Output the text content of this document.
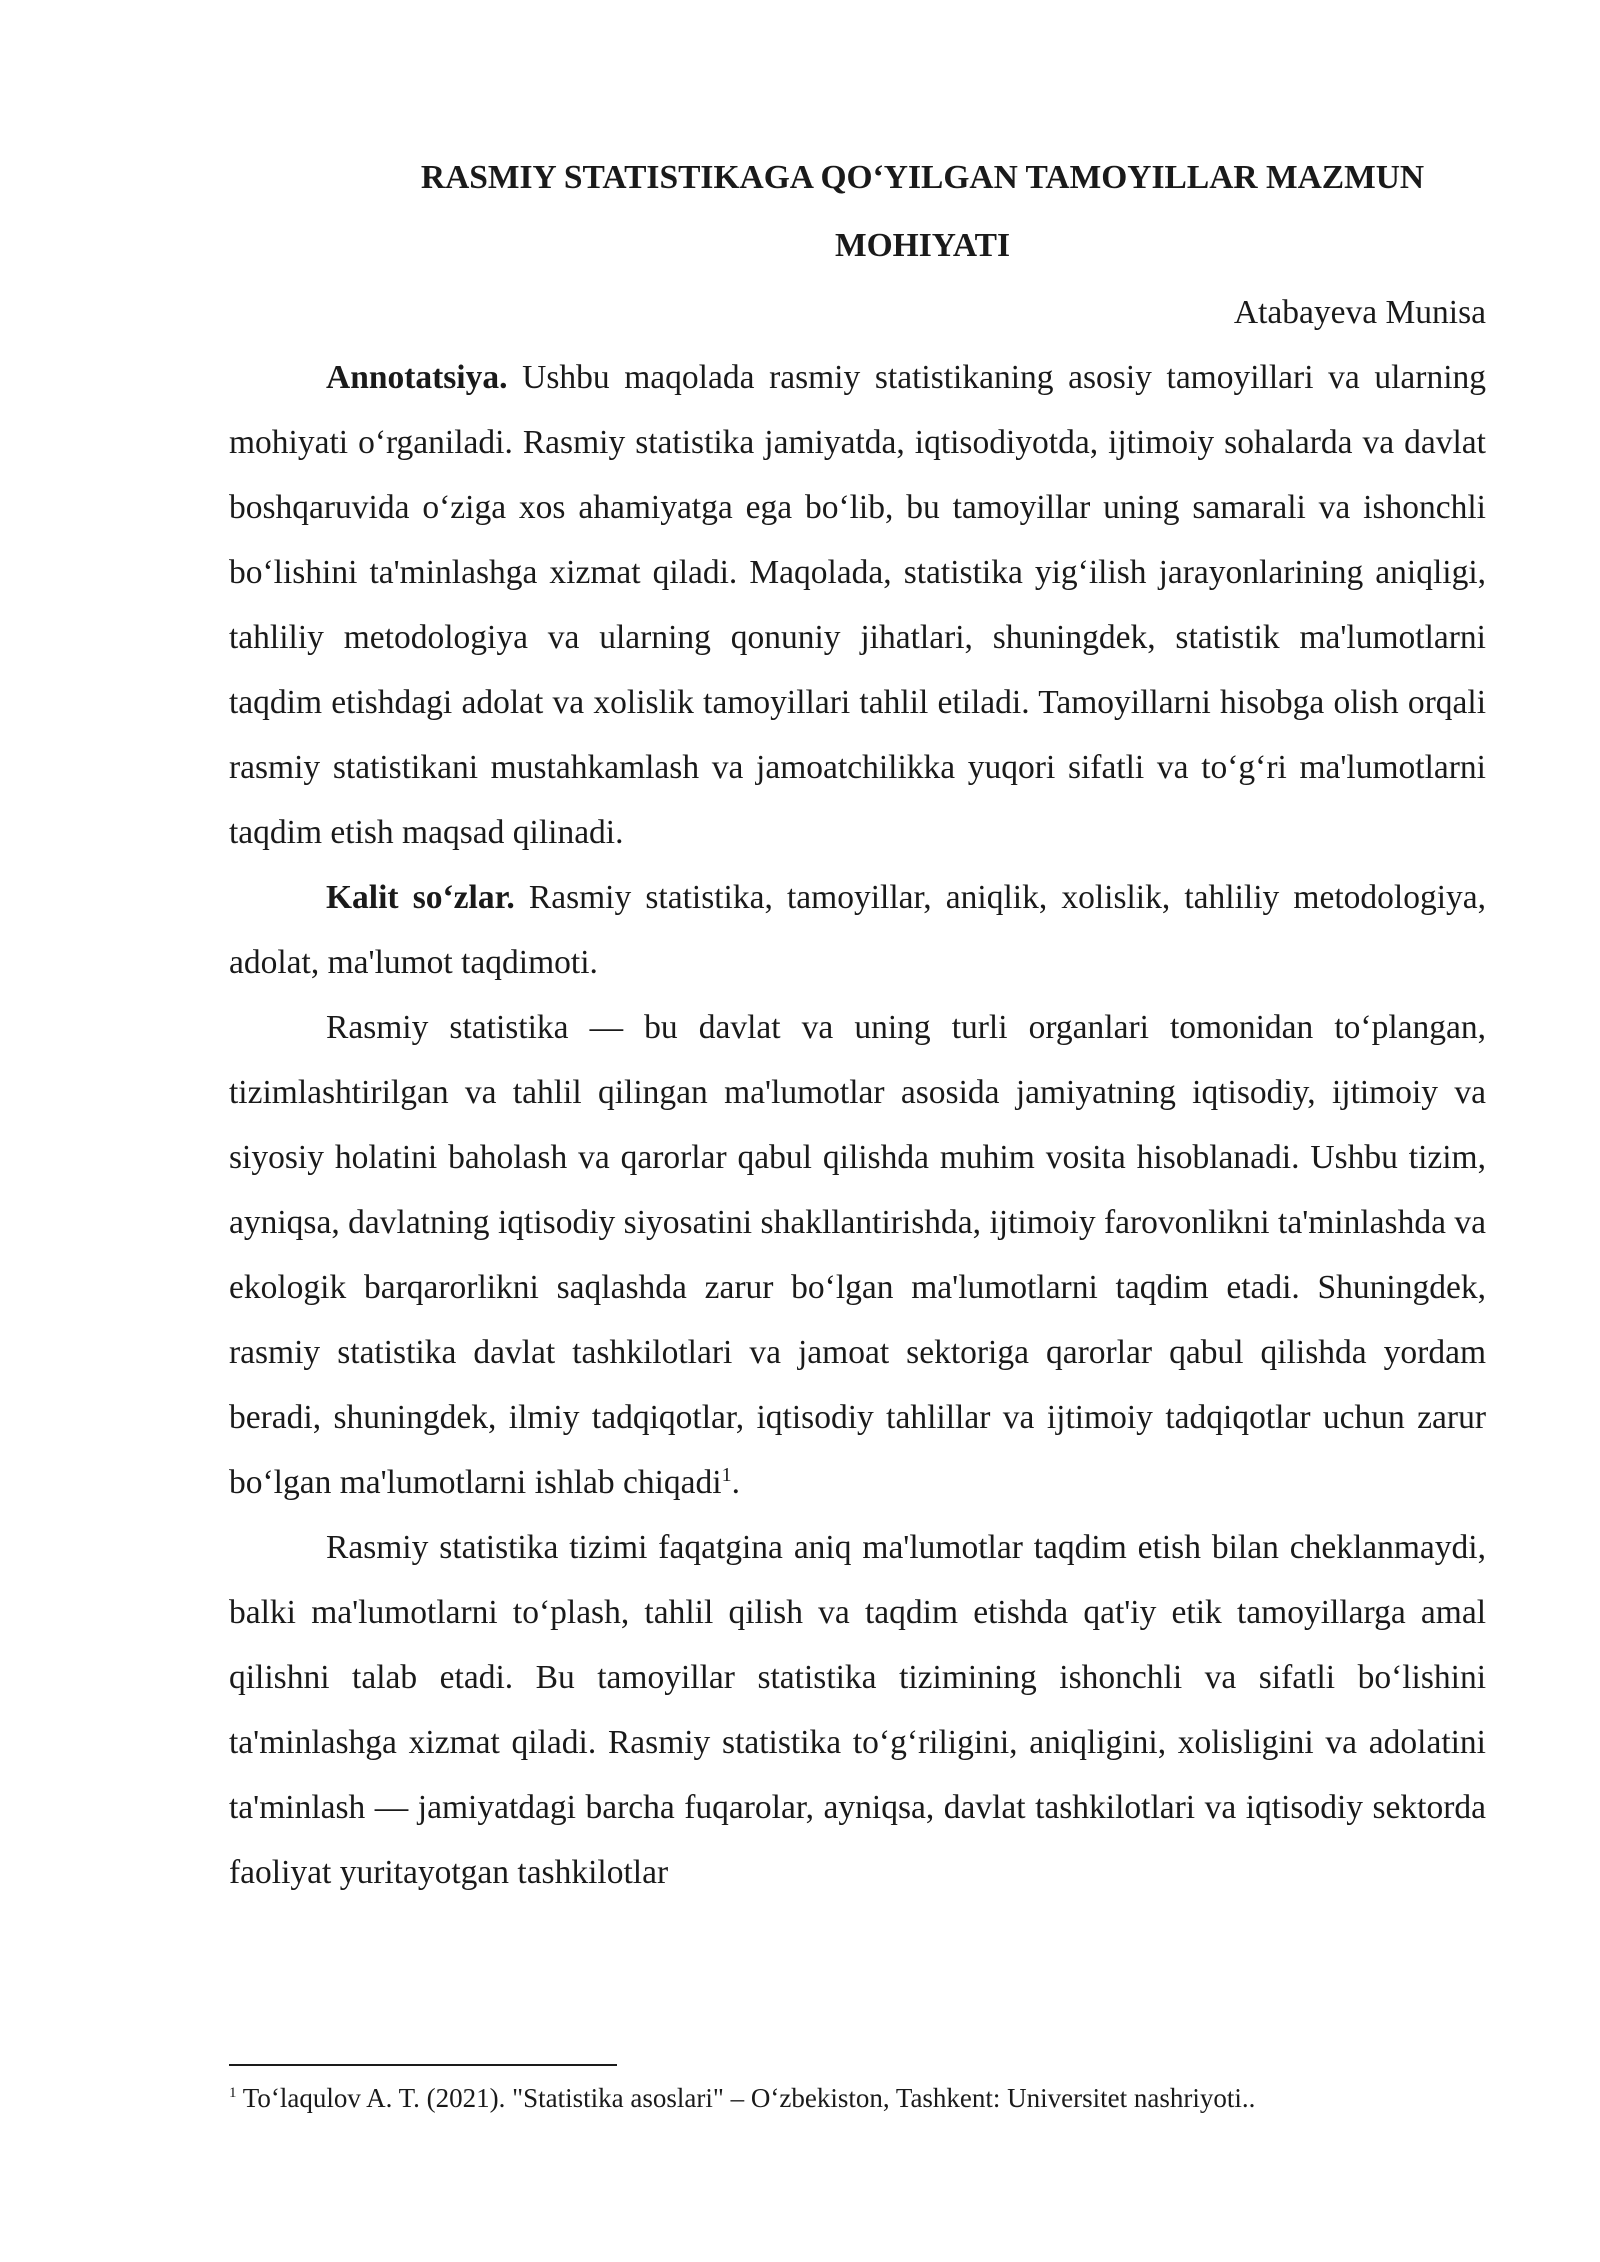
RASMIY STATISTIKAGA QO‘YILGAN TAMOYILLAR MAZMUN
MOHIYATI

Atabayeva Munisa

Annotatsiya. Ushbu maqolada rasmiy statistikaning asosiy tamoyillari va ularning mohiyati o‘rganiladi. Rasmiy statistika jamiyatda, iqtisodiyotda, ijtimoiy sohalarda va davlat boshqaruvida o‘ziga xos ahamiyatga ega bo‘lib, bu tamoyillar uning samarali va ishonchli bo‘lishini ta'minlashga xizmat qiladi. Maqolada, statistika yig‘ilish jarayonlarining aniqligi, tahliliy metodologiya va ularning qonuniy jihatlari, shuningdek, statistik ma'lumotlarni taqdim etishdagi adolat va xolislik tamoyillari tahlil etiladi. Tamoyillarni hisobga olish orqali rasmiy statistikani mustahkamlash va jamoatchilikka yuqori sifatli va to‘g‘ri ma'lumotlarni taqdim etish maqsad qilinadi.

Kalit so‘zlar. Rasmiy statistika, tamoyillar, aniqlik, xolislik, tahliliy metodologiya, adolat, ma'lumot taqdimoti.

Rasmiy statistika — bu davlat va uning turli organlari tomonidan to‘plangan, tizimlashtirilgan va tahlil qilingan ma'lumotlar asosida jamiyatning iqtisodiy, ijtimoiy va siyosiy holatini baholash va qarorlar qabul qilishda muhim vosita hisoblanadi. Ushbu tizim, ayniqsa, davlatning iqtisodiy siyosatini shakllantirishda, ijtimoiy farovonlikni ta'minlashda va ekologik barqarorlikni saqlashda zarur bo‘lgan ma'lumotlarni taqdim etadi. Shuningdek, rasmiy statistika davlat tashkilotlari va jamoat sektoriga qarorlar qabul qilishda yordam beradi, shuningdek, ilmiy tadqiqotlar, iqtisodiy tahlillar va ijtimoiy tadqiqotlar uchun zarur bo‘lgan ma'lumotlarni ishlab chiqadi$^1$.

Rasmiy statistika tizimi faqatgina aniq ma'lumotlar taqdim etish bilan cheklanmaydi, balki ma'lumotlarni to‘plash, tahlil qilish va taqdim etishda qat'iy etik tamoyillarga amal qilishni talab etadi. Bu tamoyillar statistika tizimining ishonchli va sifatli bo‘lishini ta'minlashga xizmat qiladi. Rasmiy statistika to‘g‘riligini, aniqligini, xolisligini va adolatini ta'minlash — jamiyatdagi barcha fuqarolar, ayniqsa, davlat tashkilotlari va iqtisodiy sektorda faoliyat yuritayotgan tashkilotlar

$^1$ To‘laqulov A. T. (2021). "Statistika asoslari" – O‘zbekiston, Tashkent: Universitet nashriyoti..
